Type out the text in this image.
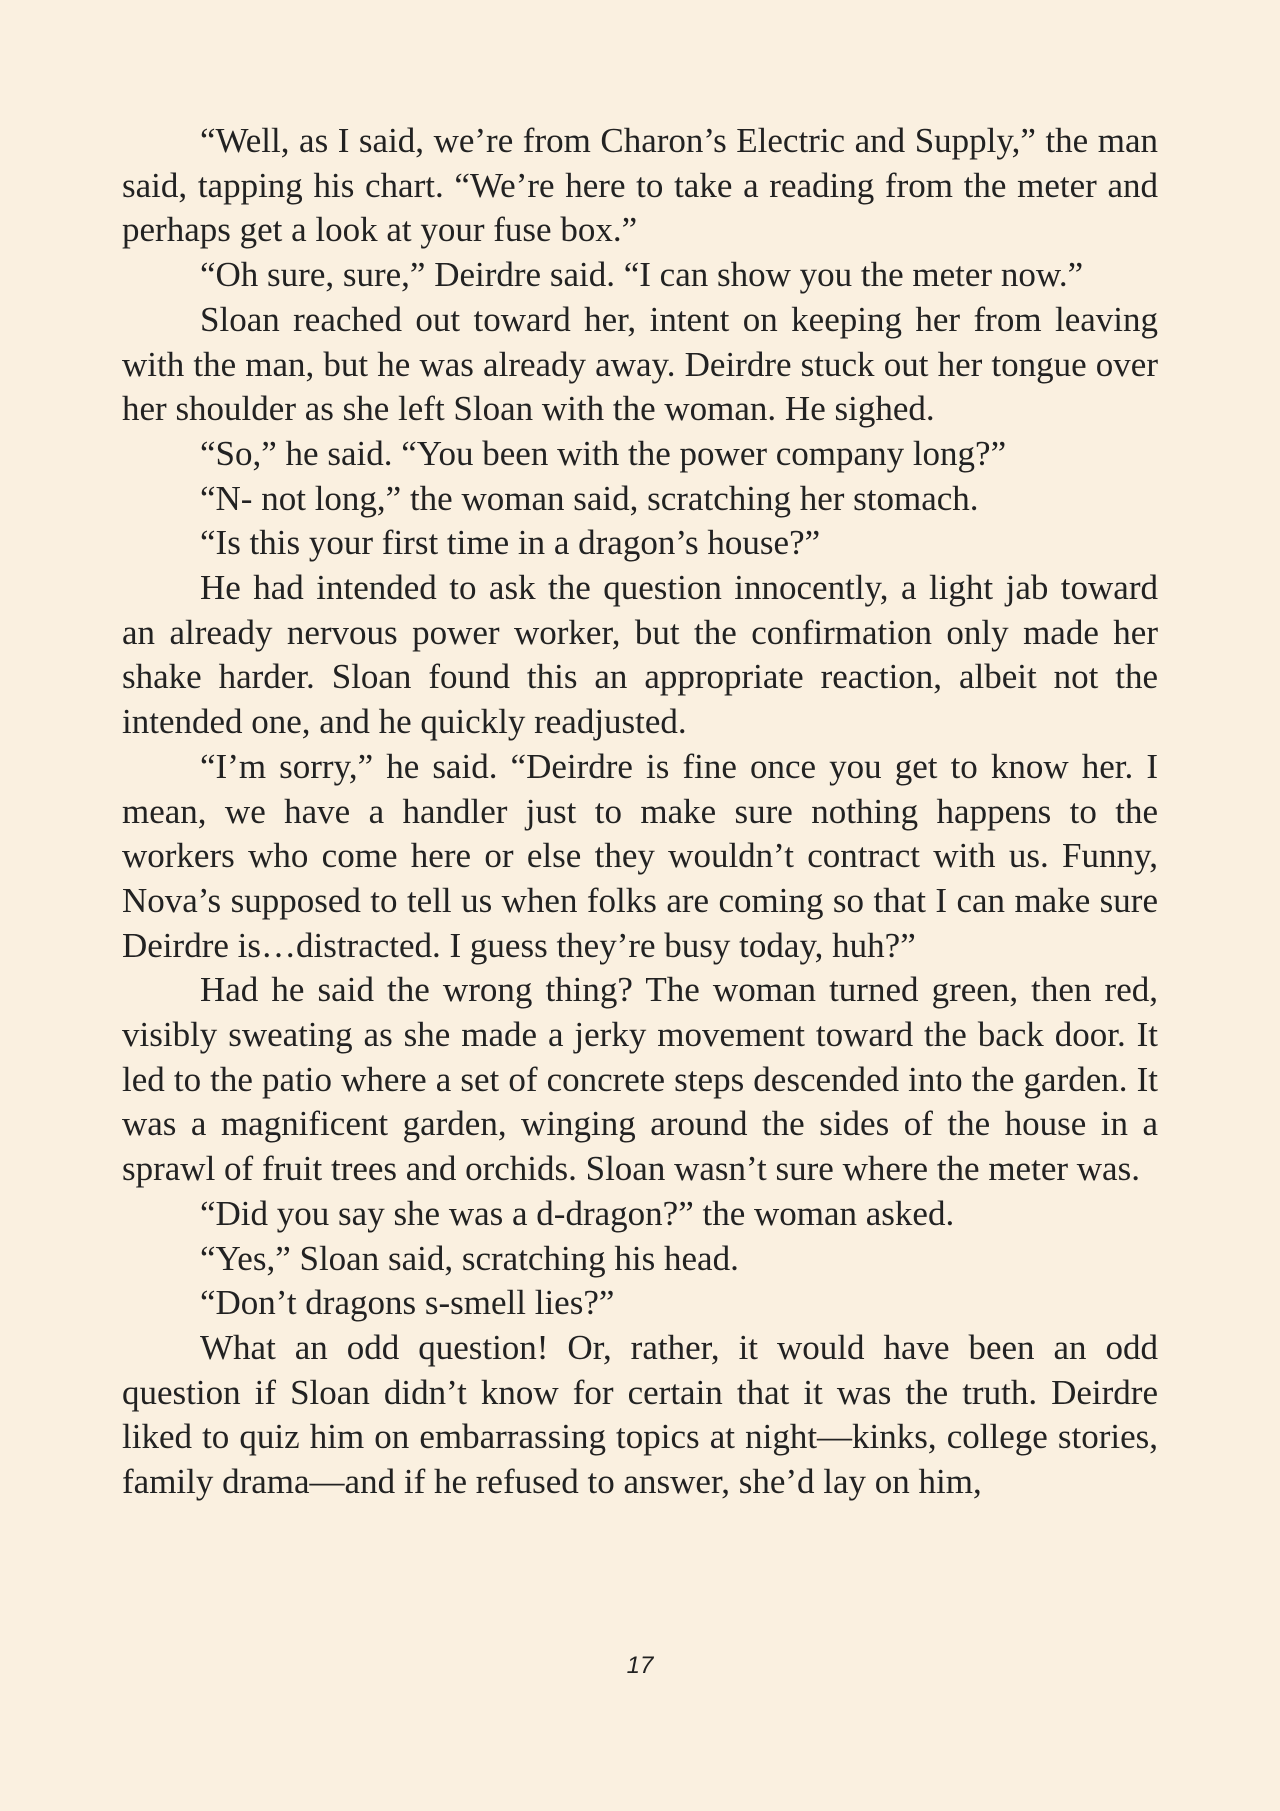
“Well, as I said, we’re from Charon’s Electric and Supply,” the man said, tapping his chart. “We’re here to take a reading from the meter and perhaps get a look at your fuse box.”

“Oh sure, sure,” Deirdre said. “I can show you the meter now.”

Sloan reached out toward her, intent on keeping her from leaving with the man, but he was already away. Deirdre stuck out her tongue over her shoulder as she left Sloan with the woman. He sighed.

“So,” he said. “You been with the power company long?”

“N- not long,” the woman said, scratching her stomach.

“Is this your first time in a dragon’s house?”

He had intended to ask the question innocently, a light jab toward an already nervous power worker, but the confirmation only made her shake harder. Sloan found this an appropriate reaction, albeit not the intended one, and he quickly readjusted.

“I’m sorry,” he said. “Deirdre is fine once you get to know her. I mean, we have a handler just to make sure nothing happens to the workers who come here or else they wouldn’t contract with us. Funny, Nova’s supposed to tell us when folks are coming so that I can make sure Deirdre is…distracted. I guess they’re busy today, huh?”

Had he said the wrong thing? The woman turned green, then red, visibly sweating as she made a jerky movement toward the back door. It led to the patio where a set of concrete steps descended into the garden. It was a magnificent garden, winging around the sides of the house in a sprawl of fruit trees and orchids. Sloan wasn’t sure where the meter was.

“Did you say she was a d-dragon?” the woman asked.

“Yes,” Sloan said, scratching his head.

“Don’t dragons s-smell lies?”

What an odd question! Or, rather, it would have been an odd question if Sloan didn’t know for certain that it was the truth. Deirdre liked to quiz him on embarrassing topics at night—kinks, college stories, family drama—and if he refused to answer, she’d lay on him,

17
